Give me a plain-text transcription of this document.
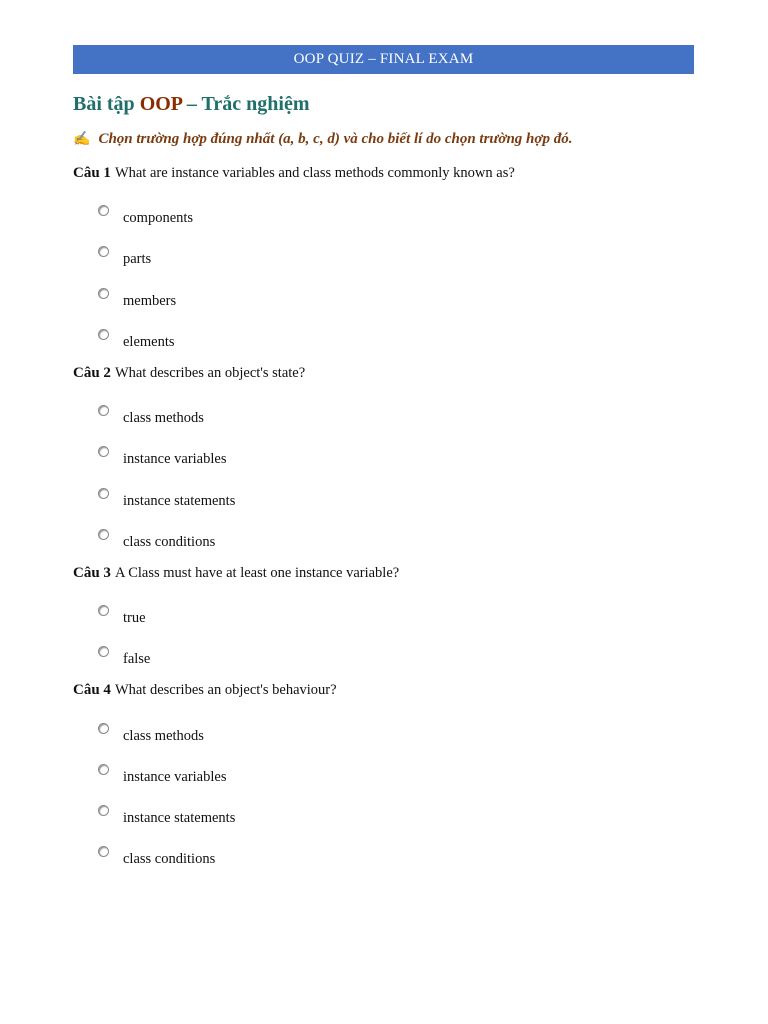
OOP QUIZ – FINAL EXAM
Bài tập OOP – Trắc nghiệm
✍ Chọn trường hợp đúng nhất (a, b, c, d) và cho biết lí do chọn trường hợp đó.
Câu 1 What are instance variables and class methods commonly known as?
components
parts
members
elements
Câu 2 What describes an object's state?
class methods
instance variables
instance statements
class conditions
Câu 3 A Class must have at least one instance variable?
true
false
Câu 4 What describes an object's behaviour?
class methods
instance variables
instance statements
class conditions
